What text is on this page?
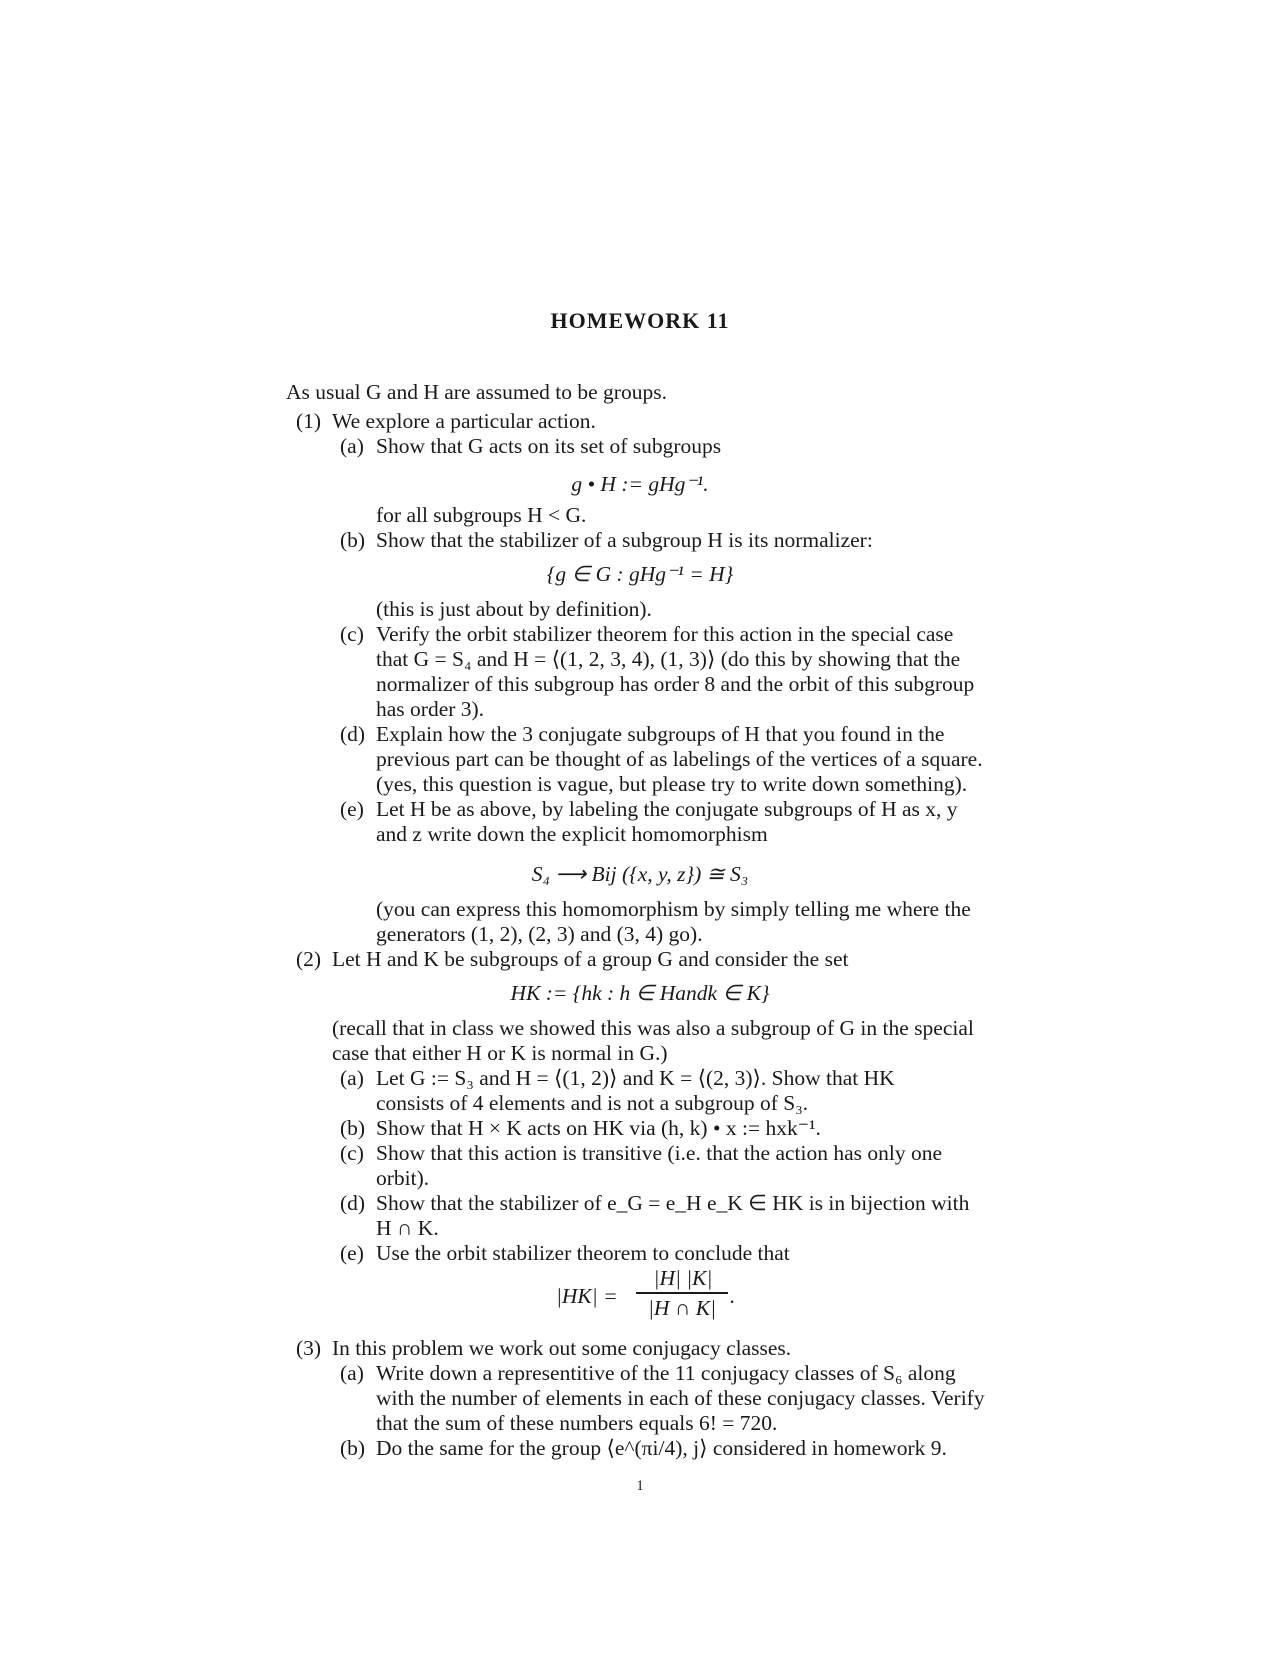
HOMEWORK 11
As usual G and H are assumed to be groups.
(1) We explore a particular action.
(a) Show that G acts on its set of subgroups
g • H := gHg⁻¹.
for all subgroups H < G.
(b) Show that the stabilizer of a subgroup H is its normalizer:
{g ∈ G : gHg⁻¹ = H}
(this is just about by definition).
(c) Verify the orbit stabilizer theorem for this action in the special case
that G = S₄ and H = ⟨(1, 2, 3, 4), (1, 3)⟩ (do this by showing that the
normalizer of this subgroup has order 8 and the orbit of this subgroup
has order 3).
(d) Explain how the 3 conjugate subgroups of H that you found in the
previous part can be thought of as labelings of the vertices of a square.
(yes, this question is vague, but please try to write down something).
(e) Let H be as above, by labeling the conjugate subgroups of H as x, y
and z write down the explicit homomorphism
S₄ ⟶ Bij ({x, y, z}) ≅ S₃
(you can express this homomorphism by simply telling me where the
generators (1, 2), (2, 3) and (3, 4) go).
(2) Let H and K be subgroups of a group G and consider the set
HK := {hk : h ∈ Handk ∈ K}
(recall that in class we showed this was also a subgroup of G in the special
case that either H or K is normal in G.)
(a) Let G := S₃ and H = ⟨(1, 2)⟩ and K = ⟨(2, 3)⟩. Show that HK
consists of 4 elements and is not a subgroup of S₃.
(b) Show that H × K acts on HK via (h, k) • x := hxk⁻¹.
(c) Show that this action is transitive (i.e. that the action has only one
orbit).
(d) Show that the stabilizer of e_G = e_H e_K ∈ HK is in bijection with
H ∩ K.
(e) Use the orbit stabilizer theorem to conclude that
|HK| =
|H| |K|
|H ∩ K| .
(3) In this problem we work out some conjugacy classes.
(a) Write down a representitive of the 11 conjugacy classes of S₆ along
with the number of elements in each of these conjugacy classes. Verify
that the sum of these numbers equals 6! = 720.
(b) Do the same for the group ⟨e^(πi/4), j⟩ considered in homework 9.
1
